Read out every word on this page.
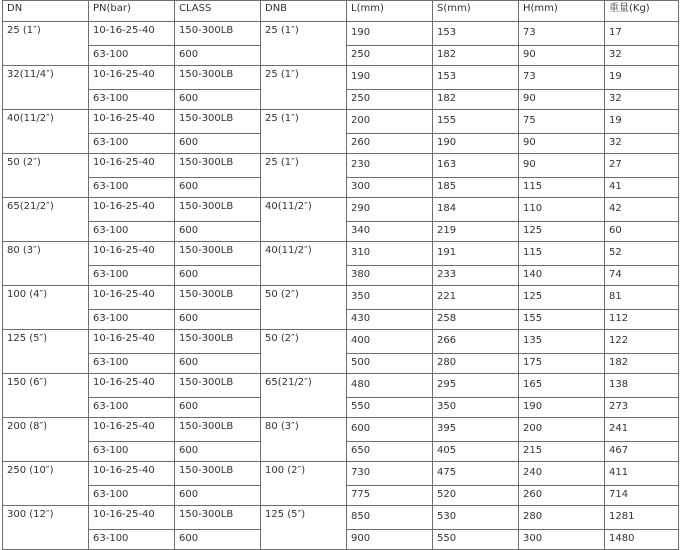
DN	PN(bar)	CLASS	DNB	L(mm)	S(mm)	H(mm)	重量(Kg)
25 (1″)	10-16-25-40	150-300LB	25 (1″)	190	153	73	17
	63-100	600		250	182	90	32
32(11/4″)	10-16-25-40	150-300LB	25 (1″)	190	153	73	19
	63-100	600		250	182	90	32
40(11/2″)	10-16-25-40	150-300LB	25 (1″)	200	155	75	19
	63-100	600		260	190	90	32
50 (2″)	10-16-25-40	150-300LB	25 (1″)	230	163	90	27
	63-100	600		300	185	115	41
65(21/2″)	10-16-25-40	150-300LB	40(11/2″)	290	184	110	42
	63-100	600		340	219	125	60
80 (3″)	10-16-25-40	150-300LB	40(11/2″)	310	191	115	52
	63-100	600		380	233	140	74
100 (4″)	10-16-25-40	150-300LB	50 (2″)	350	221	125	81
	63-100	600		430	258	155	112
125 (5″)	10-16-25-40	150-300LB	50 (2″)	400	266	135	122
	63-100	600		500	280	175	182
150 (6″)	10-16-25-40	150-300LB	65(21/2″)	480	295	165	138
	63-100	600		550	350	190	273
200 (8″)	10-16-25-40	150-300LB	80 (3″)	600	395	200	241
	63-100	600		650	405	215	467
250 (10″)	10-16-25-40	150-300LB	100 (2″)	730	475	240	411
	63-100	600		775	520	260	714
300 (12″)	10-16-25-40	150-300LB	125 (5″)	850	530	280	1281
	63-100	600		900	550	300	1480
